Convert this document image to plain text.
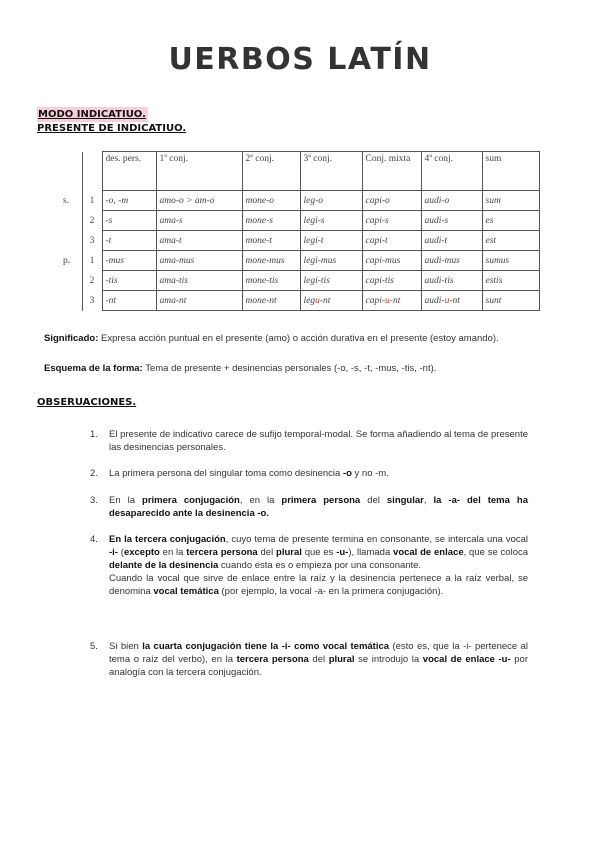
UERBOS LATÍN
MODO INDICATIUO.
PRESENTE DE INDICATIUO.
		des. pers.	1ª conj.	2ª conj.	3ª conj.	Conj. mixta	4ª conj.	sum
s.	1	-o, -m	amo-o > am-o	mone-o	leg-o	capi-o	audi-o	sum
	2	-s	ama-s	mone-s	legi-s	capi-s	audi-s	es
	3	-t	ama-t	mone-t	legi-t	capi-t	audi-t	est
p.	1	-mus	ama-mus	mone-mus	legi-mus	capi-mus	audi-mus	sumus
	2	-tis	ama-tis	mone-tis	legi-tis	capi-tis	audi-tis	estis
	3	-nt	ama-nt	mone-nt	legu-nt	capi-u-nt	audi-u-nt	sunt
Significado: Expresa acción puntual en el presente (amo) o acción durativa en el presente (estoy amando).
Esquema de la forma: Tema de presente + desinencias personales (-o, -s, -t, -mus, -tis, -nt).
OBSERUACIONES.
1. El presente de indicativo carece de sufijo temporal-modal. Se forma añadiendo al tema de presente las desinencias personales.
2. La primera persona del singular toma como desinencia -o y no -m.
3. En la primera conjugación, en la primera persona del singular, la -a- del tema ha desaparecido ante la desinencia -o.
4. En la tercera conjugación, cuyo tema de presente termina en consonante, se intercala una vocal -i- (excepto en la tercera persona del plural que es -u-), llamada vocal de enlace, que se coloca delante de la desinencia cuando esta es o empieza por una consonante.
Cuando la vocal que sirve de enlace entre la raíz y la desinencia pertenece a la raíz verbal, se denomina vocal temática (por ejemplo, la vocal -a- en la primera conjugación).
5. Si bien la cuarta conjugación tiene la -i- como vocal temática (esto es, que la -i- pertenece al tema o raíz del verbo), en la tercera persona del plural se introdujo la vocal de enlace -u- por analogía con la tercera conjugación.
